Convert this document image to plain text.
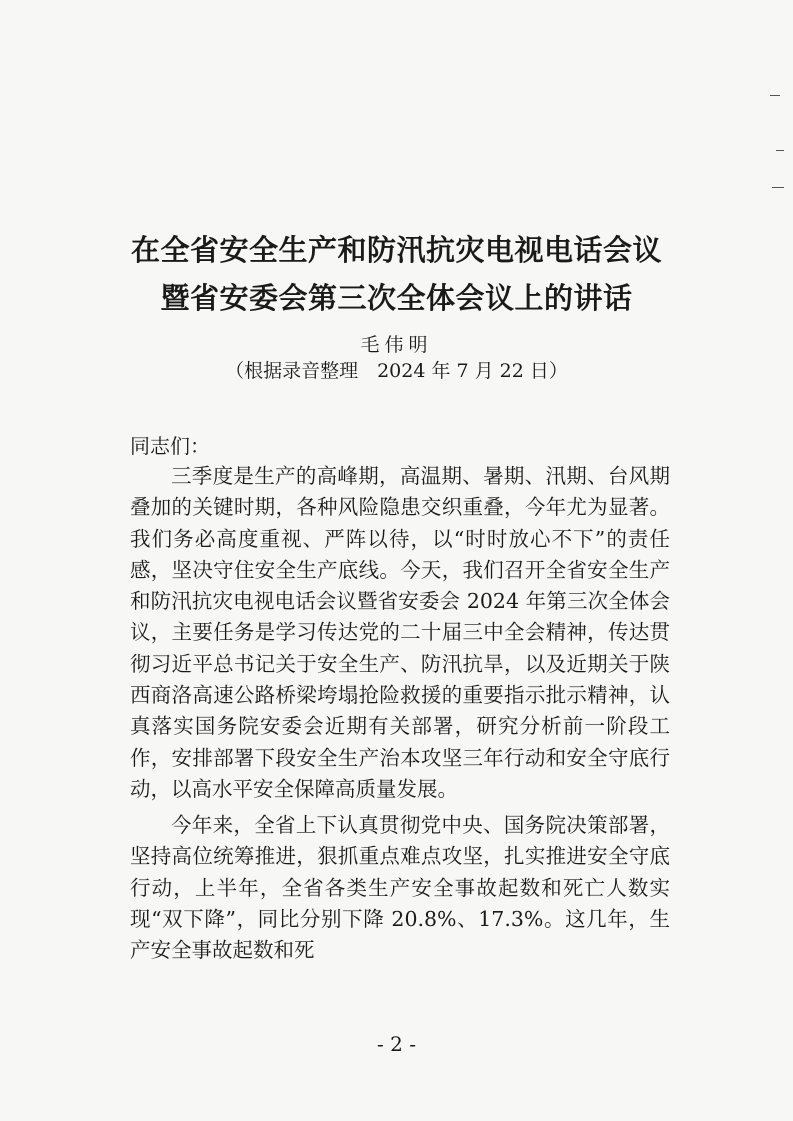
在全省安全生产和防汛抗灾电视电话会议
暨省安委会第三次全体会议上的讲话

毛伟明

（根据录音整理　2024 年 7 月 22 日）

同志们：

三季度是生产的高峰期，高温期、暑期、汛期、台风期叠加的关键时期，各种风险隐患交织重叠，今年尤为显著。我们务必高度重视、严阵以待，以“时时放心不下”的责任感，坚决守住安全生产底线。今天，我们召开全省安全生产和防汛抗灾电视电话会议暨省安委会 2024 年第三次全体会议，主要任务是学习传达党的二十届三中全会精神，传达贯彻习近平总书记关于安全生产、防汛抗旱，以及近期关于陕西商洛高速公路桥梁垮塌抢险救援的重要指示批示精神，认真落实国务院安委会近期有关部署，研究分析前一阶段工作，安排部署下段安全生产治本攻坚三年行动和安全守底行动，以高水平安全保障高质量发展。

今年来，全省上下认真贯彻党中央、国务院决策部署，坚持高位统筹推进，狠抓重点难点攻坚，扎实推进安全守底行动，上半年，全省各类生产安全事故起数和死亡人数实现“双下降”，同比分别下降 20.8%、17.3%。这几年，生产安全事故起数和死

- 2 -
